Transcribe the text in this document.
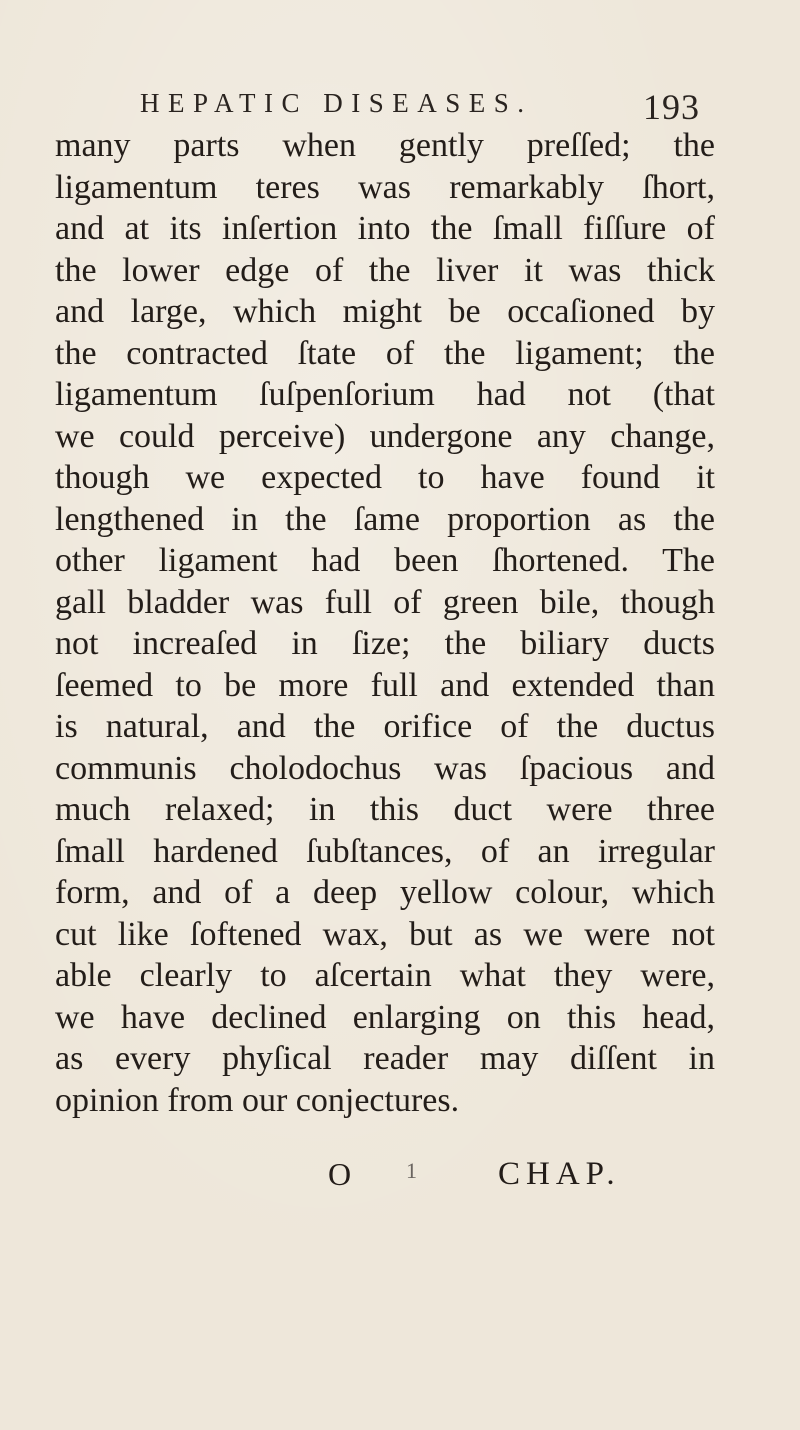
HEPATIC DISEASES.	193
many parts when gently preſſed; the
ligamentum teres was remarkably ſhort,
and at its inſertion into the ſmall fiſſure of
the lower edge of the liver it was thick
and large, which might be occaſioned by
the contracted ſtate of the ligament; the
ligamentum ſuſpenſorium had not (that
we could perceive) undergone any change,
though we expected to have found it
lengthened in the ſame proportion as the
other ligament had been ſhortened. The
gall bladder was full of green bile, though
not increaſed in ſize; the biliary ducts
ſeemed to be more full and extended than
is natural, and the orifice of the ductus
communis cholodochus was ſpacious and
much relaxed; in this duct were three
ſmall hardened ſubſtances, of an irregular
form, and of a deep yellow colour, which
cut like ſoftened wax, but as we were not
able clearly to aſcertain what they were,
we have declined enlarging on this head,
as every phyſical reader may diſſent in
opinion from our conjectures.
O 1 CHAP.
